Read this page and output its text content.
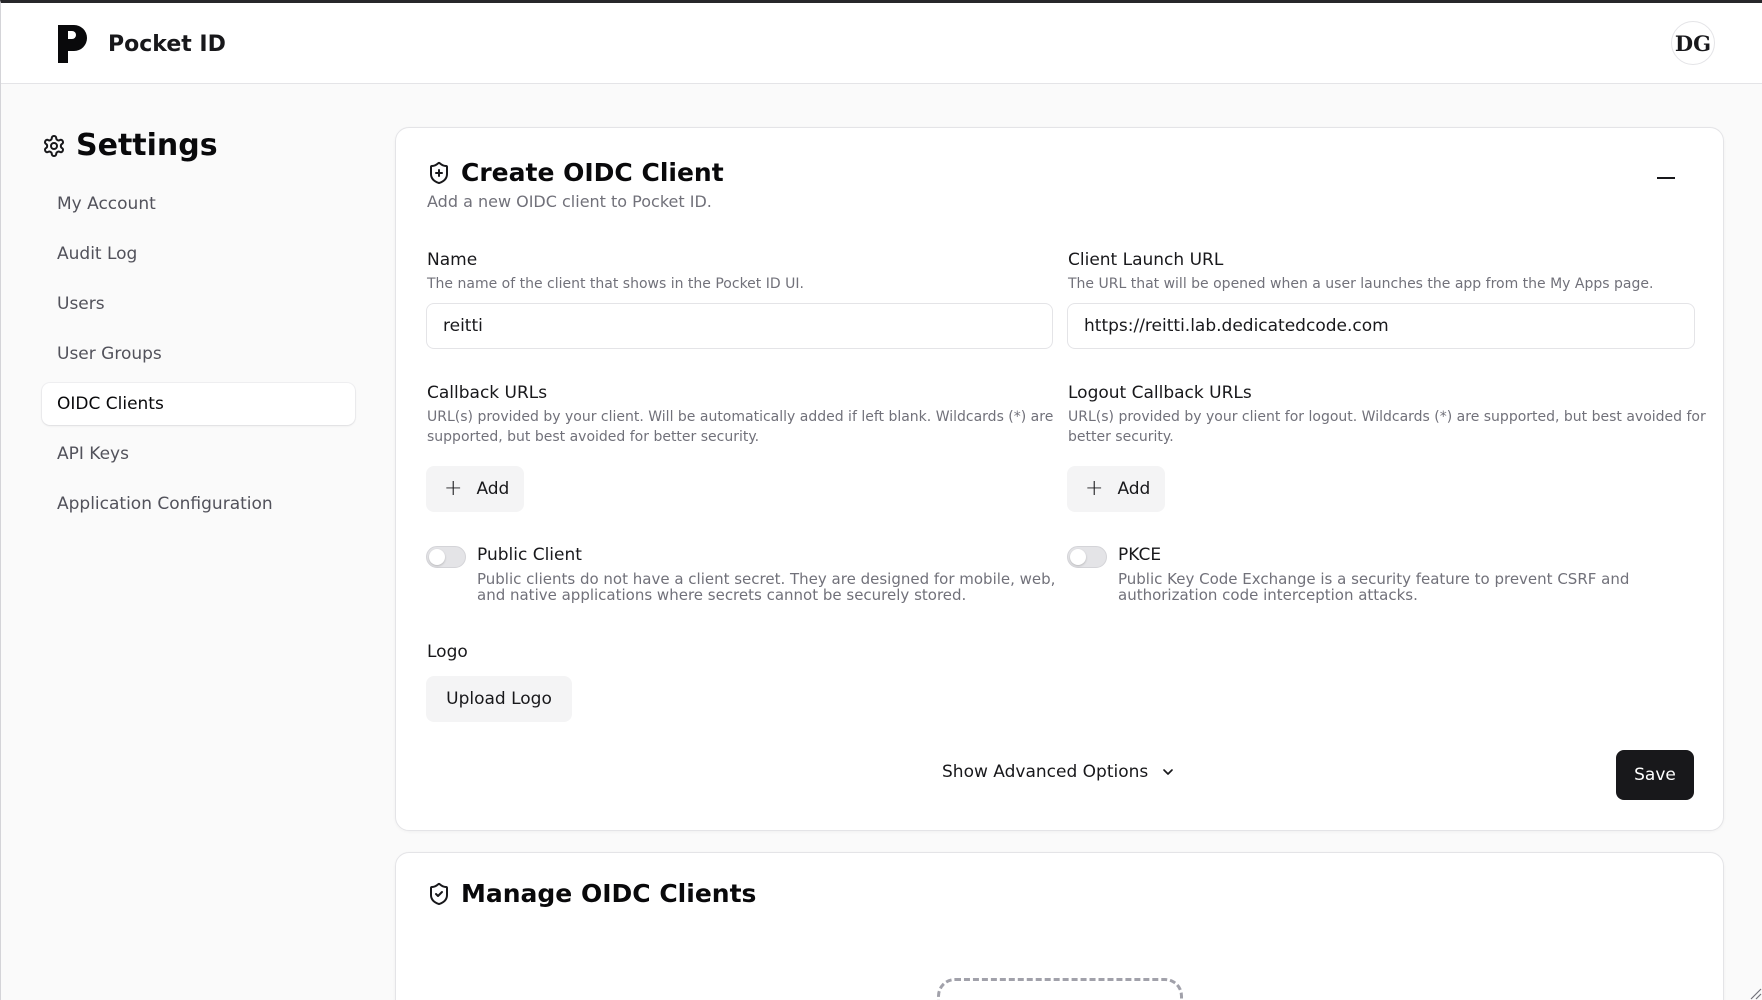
Pocket ID	DG
Settings
My Account
Audit Log
Users
User Groups
OIDC Clients
API Keys
Application Configuration
Create OIDC Client
Add a new OIDC client to Pocket ID.
Name
The name of the client that shows in the Pocket ID UI.
reitti
Client Launch URL
The URL that will be opened when a user launches the app from the My Apps page.
https://reitti.lab.dedicatedcode.com
Callback URLs
URL(s) provided by your client. Will be automatically added if left blank. Wildcards (*) are supported, but best avoided for better security.
+ Add
Logout Callback URLs
URL(s) provided by your client for logout. Wildcards (*) are supported, but best avoided for better security.
+ Add
Public Client
Public clients do not have a client secret. They are designed for mobile, web, and native applications where secrets cannot be securely stored.
PKCE
Public Key Code Exchange is a security feature to prevent CSRF and authorization code interception attacks.
Logo
Upload Logo
Show Advanced Options	Save
Manage OIDC Clients
